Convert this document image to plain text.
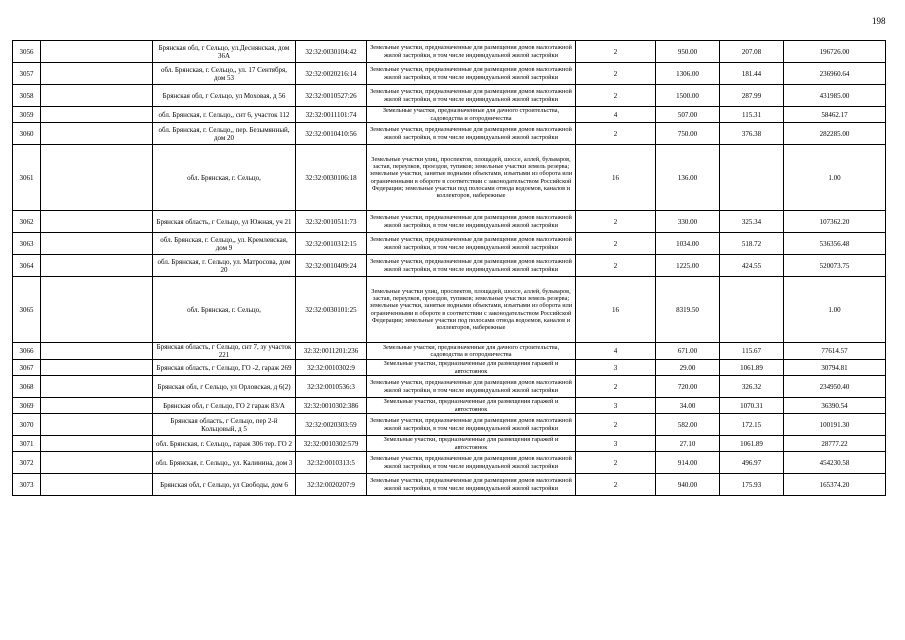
198
3056		Брянская обл, г Сельцо, ул.Деснянская, дом 36А	32:32:0030104:42	Земельные участки, предназначенные для размещения домов малоэтажной жилой застройки, в том числе индивидуальной жилой застройки	2	950.00	207.08	196726.00
3057		обл. Брянская, г. Сельцо,, ул. 17 Сентября, дом 53	32:32:0020216:14	Земельные участки, предназначенные для размещения домов малоэтажной жилой застройки, в том числе индивидуальной жилой застройки	2	1306.00	181.44	236960.64
3058		Брянская обл, г Сельцо, ул Моховая, д 56	32:32:0010527:26	Земельные участки, предназначенные для размещения домов малоэтажной жилой застройки, в том числе индивидуальной жилой застройки	2	1500.00	287.99	431985.00
3059		обл. Брянская, г. Сельцо,, снт 6, участок 112	32:32:0011101:74	Земельные участки, предназначенные для дачного строительства, садоводства и огородничества	4	507.00	115.31	58462.17
3060		обл. Брянская, г. Сельцо,, пер. Безымянный, дом 20	32:32:0010410:56	Земельные участки, предназначенные для размещения домов малоэтажной жилой застройки, в том числе индивидуальной жилой застройки	2	750.00	376.38	282285.00
3061		обл. Брянская, г. Сельцо,	32:32:0030106:18	Земельные участки улиц, проспектов, площадей, шоссе, аллей, бульваров, застав, переулков, проездов, тупиков; земельные участки земель резерва; земельные участки, занятые водными объектами, изъятыми из оборота или ограниченными в обороте в соответствии с законодательством Российской Федерации; земельные участки под полосами отвода водоемов, каналов и коллекторов, набережные	16	136.00		1.00
3062		Брянская область, г Сельцо, ул Южная, уч 21	32:32:0010511:73	Земельные участки, предназначенные для размещения домов малоэтажной жилой застройки, в том числе индивидуальной жилой застройки	2	330.00	325.34	107362.20
3063		обл. Брянская, г. Сельцо,, ул. Кремлевская, дом 9	32:32:0010312:15	Земельные участки, предназначенные для размещения домов малоэтажной жилой застройки, в том числе индивидуальной жилой застройки	2	1034.00	518.72	536356.48
3064		обл. Брянская, г. Сельцо, ул. Матросова, дом 20	32:32:0010409:24	Земельные участки, предназначенные для размещения домов малоэтажной жилой застройки, в том числе индивидуальной жилой застройки	2	1225.00	424.55	520073.75
3065		обл. Брянская, г. Сельцо,	32:32:0030101:25	Земельные участки улиц, проспектов, площадей, шоссе, аллей, бульваров, застав, переулков, проездов, тупиков; земельные участки земель резерва; земельные участки, занятые водными объектами, изъятыми из оборота или ограниченными в обороте в соответствии с законодательством Российской Федерации; земельные участки под полосами отвода водоемов, каналов и коллекторов, набережные	16	8319.50		1.00
3066		Брянская область, г Сельцо, снт 7, зу участок 221	32:32:0011201:236	Земельные участки, предназначенные для дачного строительства, садоводства и огородничества	4	671.00	115.67	77614.57
3067		Брянская область, г Сельцо, ГО -2, гараж 269	32:32:0010302:9	Земельные участки, предназначенные для размещения гаражей и автостоянок	3	29.00	1061.89	30794.81
3068		Брянская обл, г Сельцо, ул Орловская, д 6(2)	32:32:0010536:3	Земельные участки, предназначенные для размещения домов малоэтажной жилой застройки, в том числе индивидуальной жилой застройки	2	720.00	326.32	234950.40
3069		Брянская обл, г Сельцо, ГО 2 гараж 83/А	32:32:0010302:386	Земельные участки, предназначенные для размещения гаражей и автостоянок	3	34.00	1070.31	36390.54
3070		Брянская область, г Сельцо, пер 2-й Кольцовый, д 5	32:32:0020303:59	Земельные участки, предназначенные для размещения домов малоэтажной жилой застройки, в том числе индивидуальной жилой застройки	2	582.00	172.15	100191.30
3071		обл. Брянская, г. Сельцо,, гараж 306 тер. ГО 2	32:32:0010302:579	Земельные участки, предназначенные для размещения гаражей и автостоянок	3	27.10	1061.89	28777.22
3072		обл. Брянская, г. Сельцо,, ул. Калинина, дом 3	32:32:0010313:5	Земельные участки, предназначенные для размещения домов малоэтажной жилой застройки, в том числе индивидуальной жилой застройки	2	914.00	496.97	454230.58
3073		Брянская обл, г Сельцо, ул Свободы, дом 6	32:32:0020207:9	Земельные участки, предназначенные для размещения домов малоэтажной жилой застройки, в том числе индивидуальной жилой застройки	2	940.00	175.93	165374.20
